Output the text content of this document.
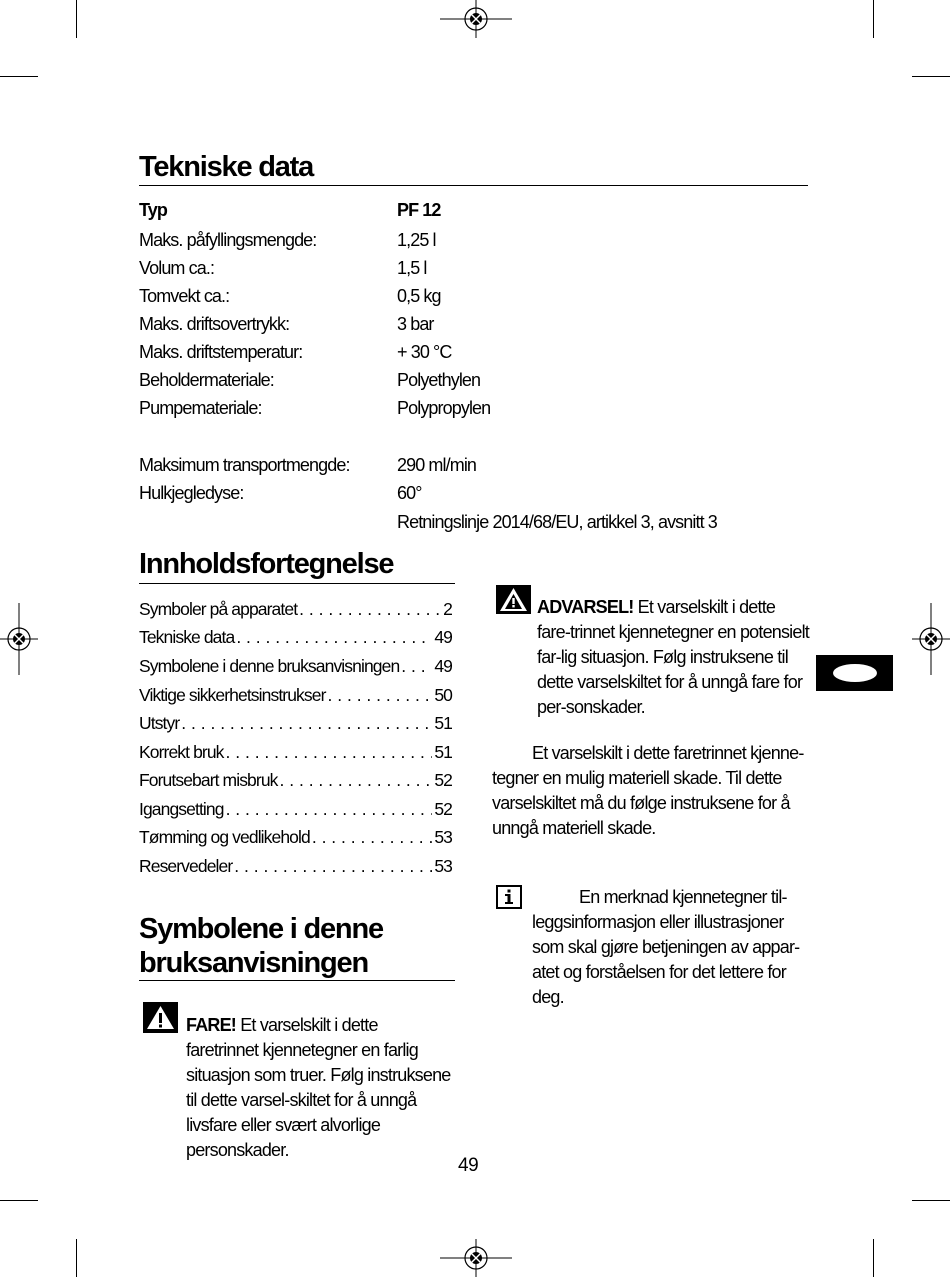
Tekniske data
Typ	PF 12
Maks. påfyllingsmengde:	1,25 l
Volum ca.:	1,5 l
Tomvekt ca.:	0,5 kg
Maks. driftsovertrykk:	3 bar
Maks. driftstemperatur:	+ 30 °C
Beholdermateriale:	Polyethylen
Pumpemateriale:	Polypropylen
Maksimum transportmengde:	290 ml/min
Hulkjegledyse:	60°
Retningslinje 2014/68/EU, artikkel 3, avsnitt 3
Innholdsfortegnelse
Symboler på apparatet . . .	2
Tekniske data . . .	49
Symbolene i denne bruksanvisningen . . . 49
Viktige sikkerhetsinstrukser . . .	50
Utstyr . . .	51
Korrekt bruk . . .	51
Forutsebart misbruk . . .	52
Igangsetting . . .	52
Tømming og vedlikehold . . .	53
Reservedeler . . .	53
Symbolene i denne
bruksanvisningen
FARE! Et varselskilt i dette faretrinnet kjennetegner en farlig situasjon som truer. Følg instruksene til dette varsel-skiltet for å unngå livsfare eller svært alvorlige personskader.
ADVARSEL! Et varselskilt i dette fare-trinnet kjennetegner en potensielt far-lig situasjon. Følg instruksene til dette varselskiltet for å unngå fare for per-sonskader.
Et varselskilt i dette faretrinnet kjenne-tegner en mulig materiell skade. Til dette varselskiltet må du følge instruksene for å unngå materiell skade.
En merknad kjennetegner til-leggsinformasjon eller illustrasjoner som skal gjøre betjeningen av appar-atet og forståelsen for det lettere for deg.
49
